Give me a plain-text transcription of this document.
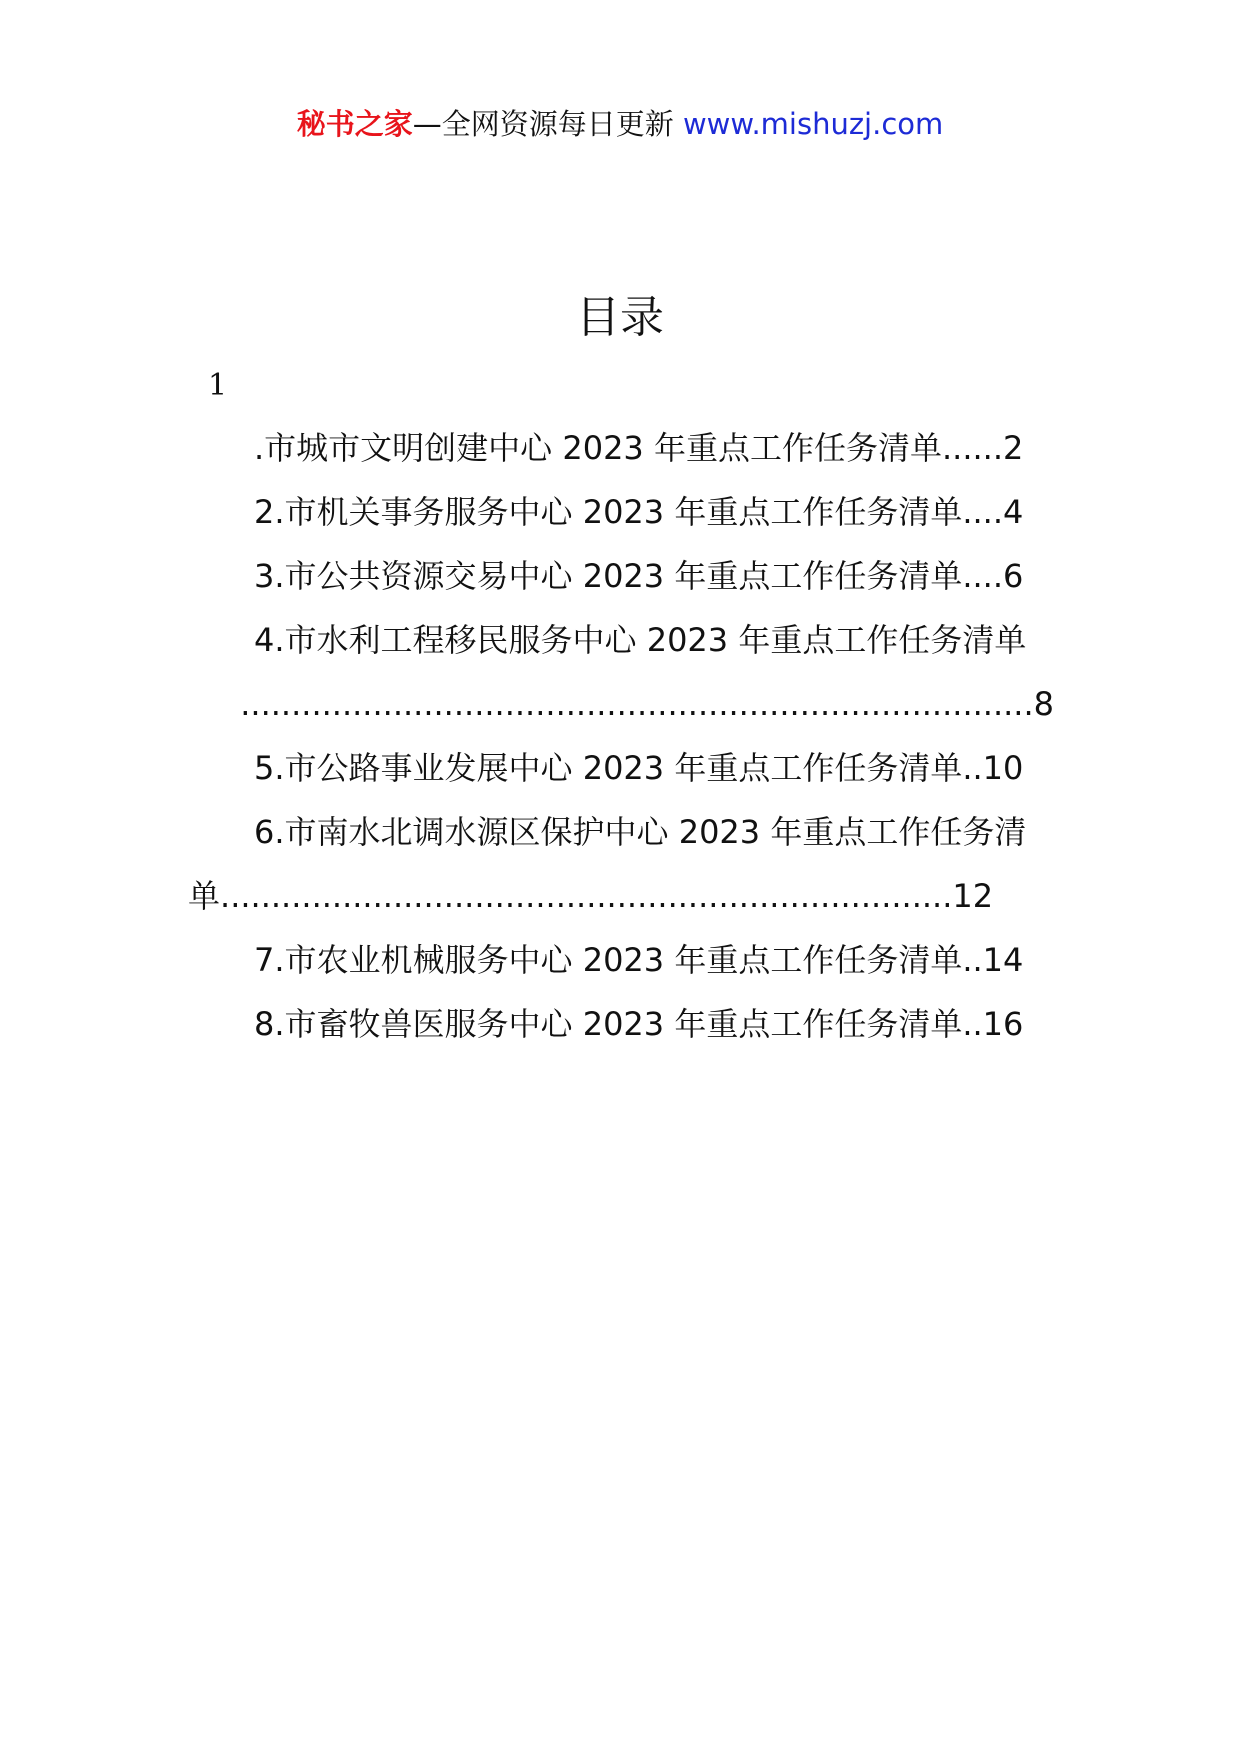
秘书之家—全网资源每日更新 www.mishuzj.com
目录
1
.市城市文明创建中心 2023 年重点工作任务清单......2
2.市机关事务服务中心 2023 年重点工作任务清单....4
3.市公共资源交易中心 2023 年重点工作任务清单....6
4.市水利工程移民服务中心 2023 年重点工作任务清单
..............................................................................8
5.市公路事业发展中心 2023 年重点工作任务清单..10
6.市南水北调水源区保护中心 2023 年重点工作任务清
单........................................................................12
7.市农业机械服务中心 2023 年重点工作任务清单..14
8.市畜牧兽医服务中心 2023 年重点工作任务清单..16
